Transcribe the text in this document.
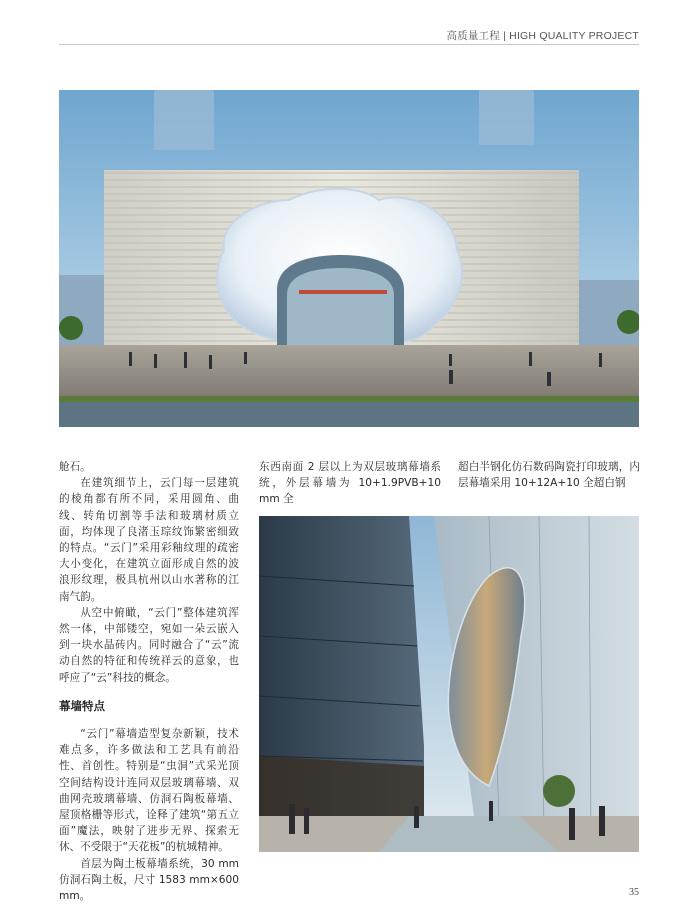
高质量工程 | HIGH QUALITY PROJECT

舱石。

在建筑细节上，云门每一层建筑的棱角都有所不同，采用圆角、曲线、转角切割等手法和玻璃材质立面，均体现了良渚玉琮纹饰繁密细致的特点。“云门”采用彩釉纹理的疏密大小变化，在建筑立面形成自然的波浪形纹理，极具杭州以山水著称的江南气韵。

从空中俯瞰，“云门”整体建筑浑然一体，中部镂空，宛如一朵云嵌入到一块水晶砖内。同时融合了“云”流动自然的特征和传统祥云的意象，也呼应了“云”科技的概念。

幕墙特点

“云门”幕墙造型复杂新颖，技术难点多，许多做法和工艺具有前沿性、首创性。特别是“虫洞”式采光顶空间结构设计连同双层玻璃幕墙、双曲网壳玻璃幕墙、仿洞石陶板幕墙、屋顶格栅等形式，诠释了建筑“第五立面”魔法，映射了进步无界、探索无休、不受限于“天花板”的杭城精神。

首层为陶土板幕墙系统，30 mm 仿洞石陶土板，尺寸 1583 mm×600 mm。

东西南面 2 层以上为双层玻璃幕墙系统，外层幕墙为 10+1.9PVB+10 mm 全

超白半钢化仿石数码陶瓷打印玻璃，内层幕墙采用 10+12A+10 全超白钢

35
